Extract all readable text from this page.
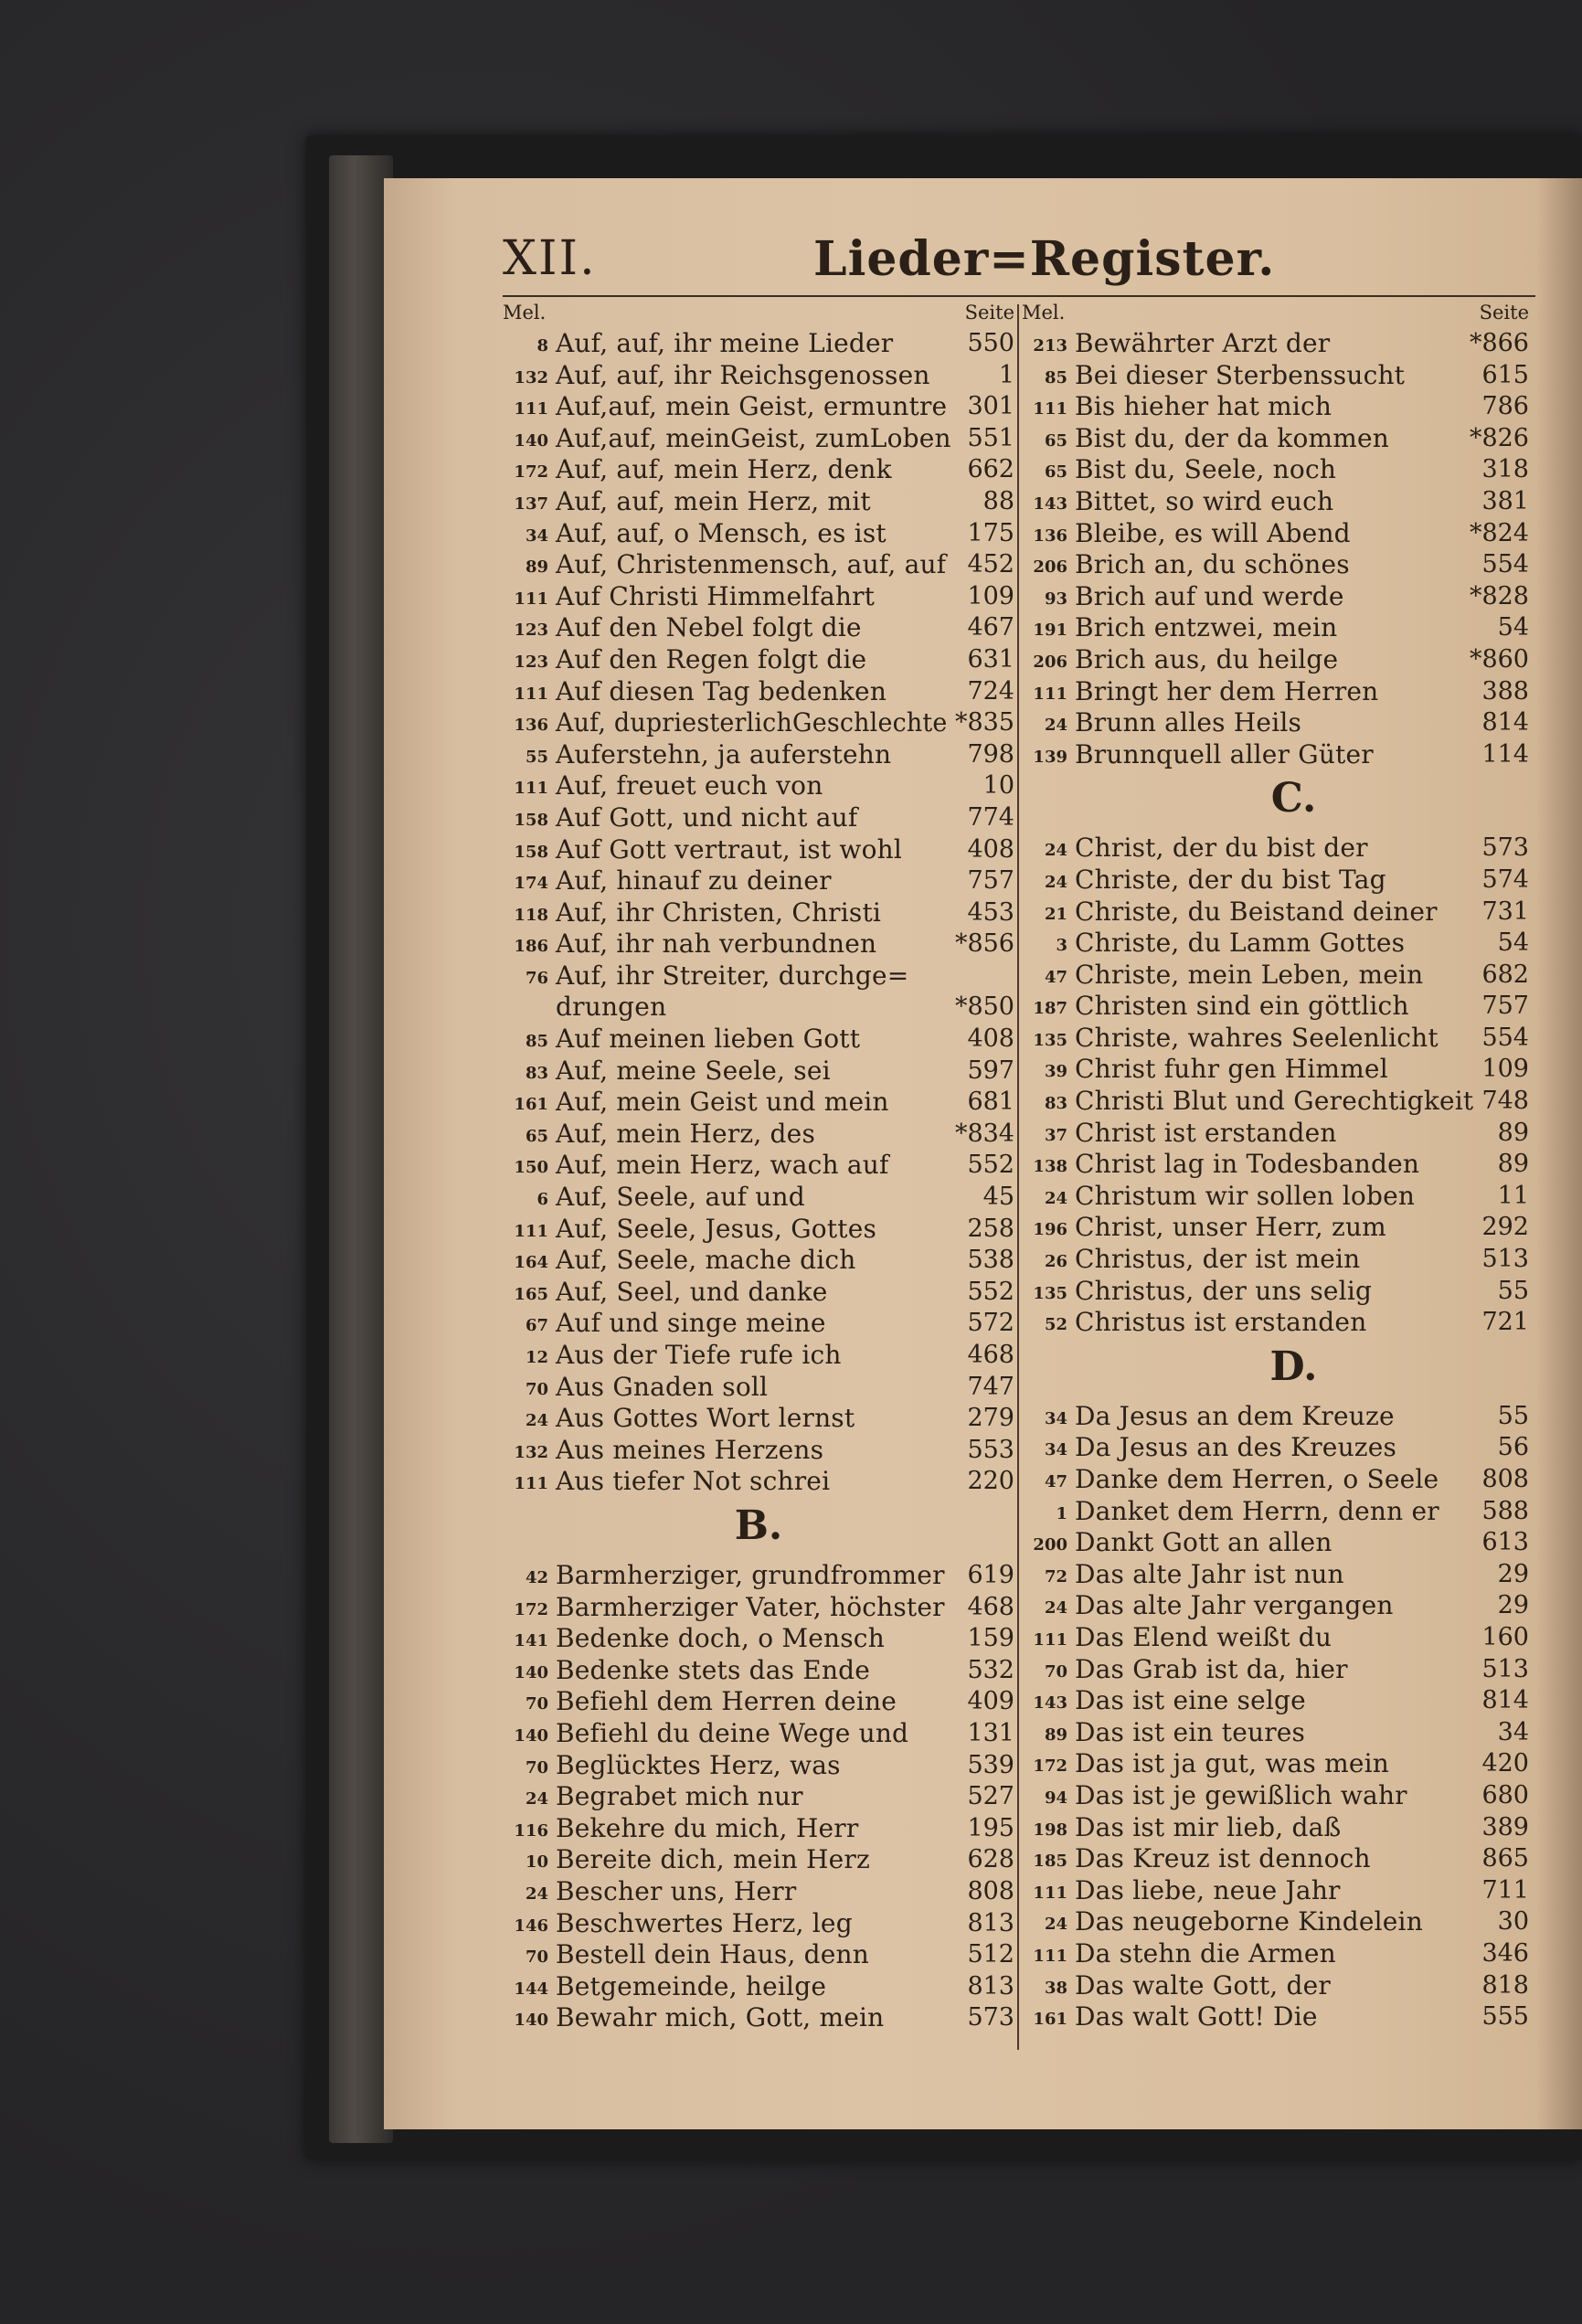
XII.	Lieder=Register.
Mel.	Seite
8 Auf, auf, ihr meine Lieder	550
132 Auf, auf, ihr Reichsgenossen	1
111 Auf,auf, mein Geist, ermuntre 301
140 Auf,auf, meinGeist, zumLoben 551
172 Auf, auf, mein Herz, denk	662
137 Auf, auf, mein Herz, mit	88
34 Auf, auf, o Mensch, es ist	175
89 Auf, Christenmensch, auf, auf 452
111 Auf Christi Himmelfahrt	109
123 Auf den Nebel folgt die	467
123 Auf den Regen folgt die	631
111 Auf diesen Tag bedenken	724
136 Auf, dupriesterlichGeschlechte *835
55 Auferstehn, ja auferstehn	798
111 Auf, freuet euch von	10
158 Auf Gott, und nicht auf	774
158 Auf Gott vertraut, ist wohl	408
174 Auf, hinauf zu deiner	757
118 Auf, ihr Christen, Christi	453
186 Auf, ihr nah verbundnen	*856
76 Auf, ihr Streiter, durchge=
drungen	*850
85 Auf meinen lieben Gott	408
83 Auf, meine Seele, sei	597
161 Auf, mein Geist und mein	681
65 Auf, mein Herz, des	*834
150 Auf, mein Herz, wach auf	552
6 Auf, Seele, auf und	45
111 Auf, Seele, Jesus, Gottes	258
164 Auf, Seele, mache dich	538
165 Auf, Seel, und danke	552
67 Auf und singe meine	572
12 Aus der Tiefe rufe ich	468
70 Aus Gnaden soll	747
24 Aus Gottes Wort lernst	279
132 Aus meines Herzens	553
111 Aus tiefer Not schrei	220
B.
42 Barmherziger, grundfrommer 619
172 Barmherziger Vater, höchster 468
141 Bedenke doch, o Mensch	159
140 Bedenke stets das Ende	532
70 Befiehl dem Herren deine	409
140 Befiehl du deine Wege und 131
70 Beglücktes Herz, was	539
24 Begrabet mich nur	527
116 Bekehre du mich, Herr	195
10 Bereite dich, mein Herz	628
24 Bescher uns, Herr	808
146 Beschwertes Herz, leg	813
70 Bestell dein Haus, denn	512
144 Betgemeinde, heilge	813
140 Bewahr mich, Gott, mein	573
Mel.	Seite
213 Bewährter Arzt der	*866
85 Bei dieser Sterbenssucht	615
111 Bis hieher hat mich	786
65 Bist du, der da kommen	*826
65 Bist du, Seele, noch	318
143 Bittet, so wird euch	381
136 Bleibe, es will Abend	*824
206 Brich an, du schönes	554
93 Brich auf und werde	*828
191 Brich entzwei, mein	54
206 Brich aus, du heilge	*860
111 Bringt her dem Herren	388
24 Brunn alles Heils	814
139 Brunnquell aller Güter	114
C.
24 Christ, der du bist der	573
24 Christe, der du bist Tag	574
21 Christe, du Beistand deiner 731
3 Christe, du Lamm Gottes	54
47 Christe, mein Leben, mein 682
187 Christen sind ein göttlich	757
135 Christe, wahres Seelenlicht 554
39 Christ fuhr gen Himmel	109
83 Christi Blut und Gerechtigkeit 748
37 Christ ist erstanden	89
138 Christ lag in Todesbanden	89
24 Christum wir sollen loben	11
196 Christ, unser Herr, zum	292
26 Christus, der ist mein	513
135 Christus, der uns selig	55
52 Christus ist erstanden	721
D.
34 Da Jesus an dem Kreuze	55
34 Da Jesus an des Kreuzes	56
47 Danke dem Herren, o Seele 808
1 Danket dem Herrn, denn er 588
200 Dankt Gott an allen	613
72 Das alte Jahr ist nun	29
24 Das alte Jahr vergangen	29
111 Das Elend weißt du	160
70 Das Grab ist da, hier	513
143 Das ist eine selge	814
89 Das ist ein teures	34
172 Das ist ja gut, was mein	420
94 Das ist je gewißlich wahr	680
198 Das ist mir lieb, daß	389
185 Das Kreuz ist dennoch	865
111 Das liebe, neue Jahr	711
24 Das neugeborne Kindelein	30
111 Da stehn die Armen	346
38 Das walte Gott, der	818
161 Das walt Gott! Die	555
